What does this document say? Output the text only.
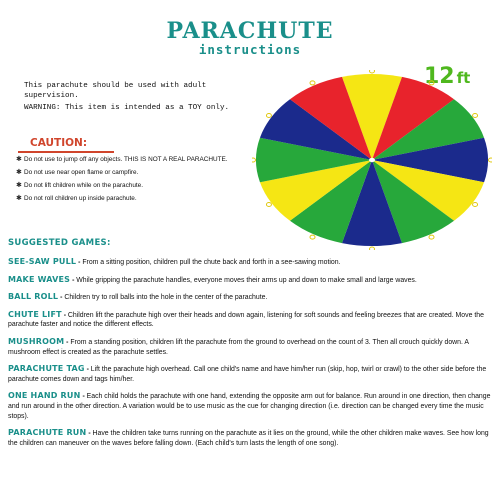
PARACHUTE
instructions

This parachute should be used with adult supervision.

WARNING: This item is intended as a TOY only.

CAUTION:
✱ Do not use to jump off any objects. THIS IS NOT A REAL PARACHUTE.
✱ Do not use near open flame or campfire.
✱ Do not lift children while on the parachute.
✱ Do not roll children up inside parachute.
12 ft
SUGGESTED GAMES:

SEE-SAW PULL - From a sitting position, children pull the chute back and forth in a see-sawing motion.

MAKE WAVES - While gripping the parachute handles, everyone moves their arms up and down to make small and large waves.

BALL ROLL - Children try to roll balls into the hole in the center of the parachute.

CHUTE LIFT - Children lift the parachute high over their heads and down again, listening for soft sounds and feeling breezes that are created. Move the parachute faster and notice the different effects.

MUSHROOM - From a standing position, children lift the parachute from the ground to overhead on the count of 3. Then all crouch quickly down. A mushroom effect is created as the parachute settles.

PARACHUTE TAG - Lift the parachute high overhead. Call one child's name and have him/her run (skip, hop, twirl or crawl) to the other side before the parachute comes down and tags him/her.

ONE HAND RUN - Each child holds the parachute with one hand, extending the opposite arm out for balance. Run around in one direction, then change and run around in the other direction. A variation would be to use music as the cue for changing direction (i.e. direction can be changed every time the music stops).

PARACHUTE RUN - Have the children take turns running on the parachute as it lies on the ground, while the other children make waves. See how long the children can maneuver on the waves before falling down. (Each child's turn lasts the length of one song).
